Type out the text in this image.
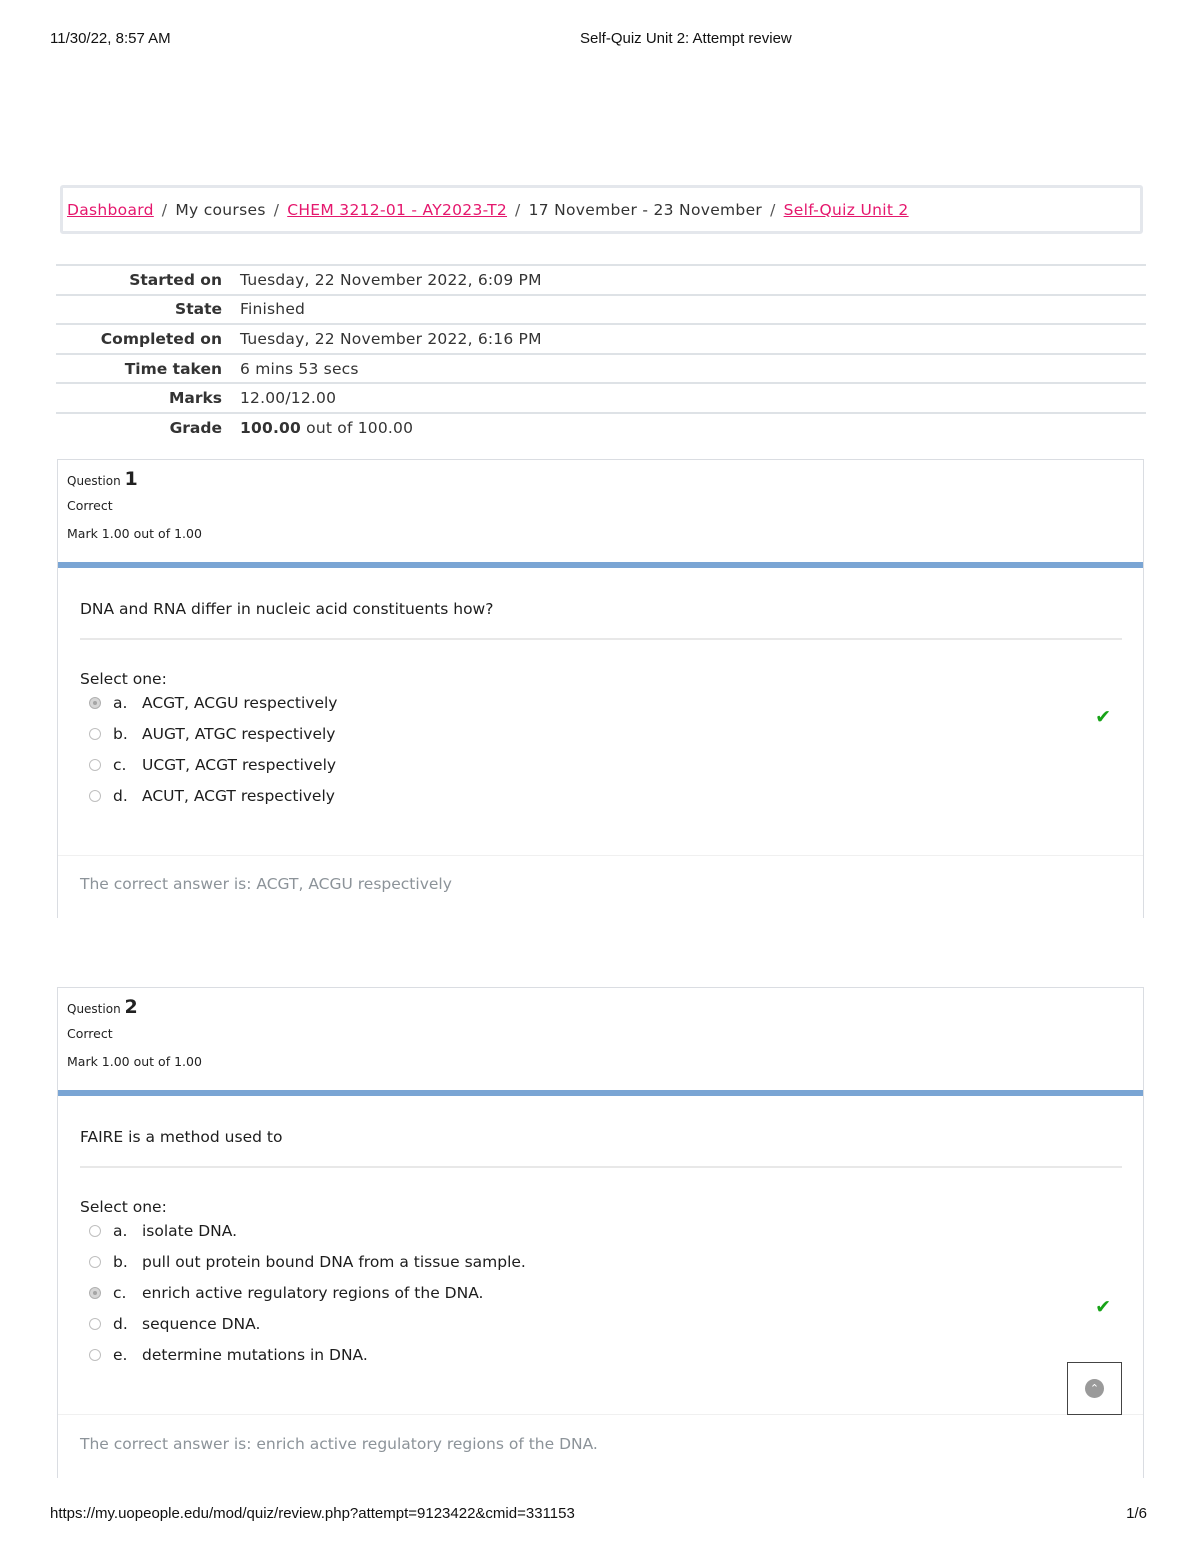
11/30/22, 8:57 AM	Self-Quiz Unit 2: Attempt review
Dashboard / My courses / CHEM 3212-01 - AY2023-T2 / 17 November - 23 November / Self-Quiz Unit 2
Started on	Tuesday, 22 November 2022, 6:09 PM
State	Finished
Completed on	Tuesday, 22 November 2022, 6:16 PM
Time taken	6 mins 53 secs
Marks	12.00/12.00
Grade	100.00 out of 100.00
Question 1
Correct
Mark 1.00 out of 1.00
DNA and RNA differ in nucleic acid constituents how?
Select one:
a. ACGT, ACGU respectively
b. AUGT, ATGC respectively
c.	UCGT, ACGT respectively
d. ACUT, ACGT respectively
✔
The correct answer is: ACGT, ACGU respectively
Question 2
Correct
Mark 1.00 out of 1.00
FAIRE is a method used to
Select one:
a. isolate DNA.
b. pull out protein bound DNA from a tissue sample.
c.	enrich active regulatory regions of the DNA.
d. sequence DNA.
e. determine mutations in DNA.
✔
The correct answer is: enrich active regulatory regions of the DNA.
⌃
https://my.uopeople.edu/mod/quiz/review.php?attempt=9123422&cmid=331153	1/6
